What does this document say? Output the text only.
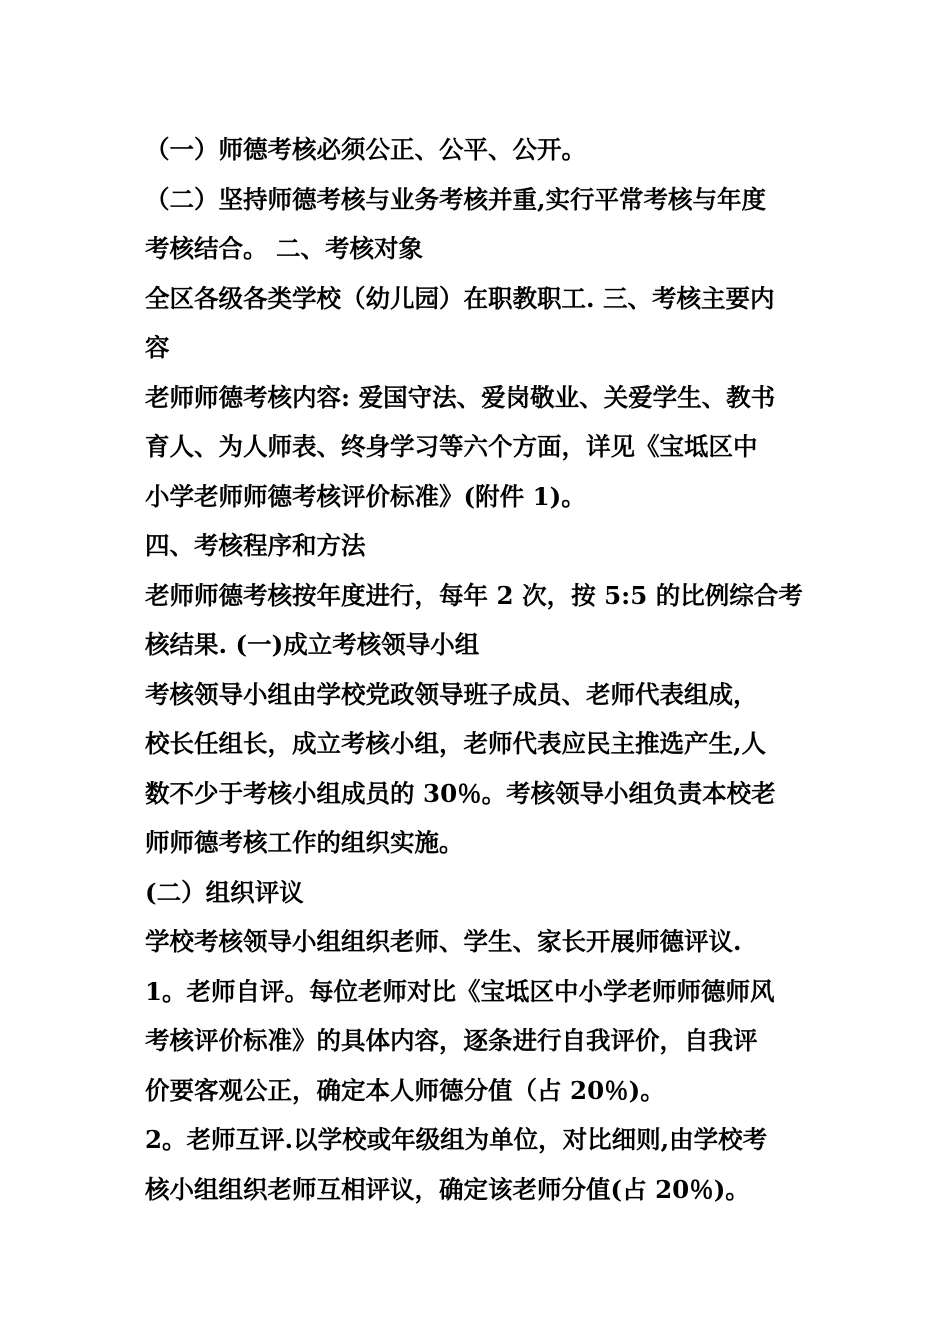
（一）师德考核必须公正、公平、公开。
（二）坚持师德考核与业务考核并重,实行平常考核与年度
考核结合。 二、考核对象
全区各级各类学校（幼儿园）在职教职工. 三、考核主要内
容
老师师德考核内容: 爱国守法、爱岗敬业、关爱学生、教书
育人、为人师表、终身学习等六个方面，详见《宝坻区中
小学老师师德考核评价标准》(附件 1)。
四、考核程序和方法
老师师德考核按年度进行，每年 2 次，按 5:5 的比例综合考
核结果. (一)成立考核领导小组
考核领导小组由学校党政领导班子成员、老师代表组成，
校长任组长，成立考核小组，老师代表应民主推选产生,人
数不少于考核小组成员的 30％。考核领导小组负责本校老
师师德考核工作的组织实施。
(二）组织评议
学校考核领导小组组织老师、学生、家长开展师德评议.
1。老师自评。每位老师对比《宝坻区中小学老师师德师风
考核评价标准》的具体内容，逐条进行自我评价，自我评
价要客观公正，确定本人师德分值（占 20％)。
2。老师互评.以学校或年级组为单位，对比细则,由学校考
核小组组织老师互相评议，确定该老师分值(占 20％)。
